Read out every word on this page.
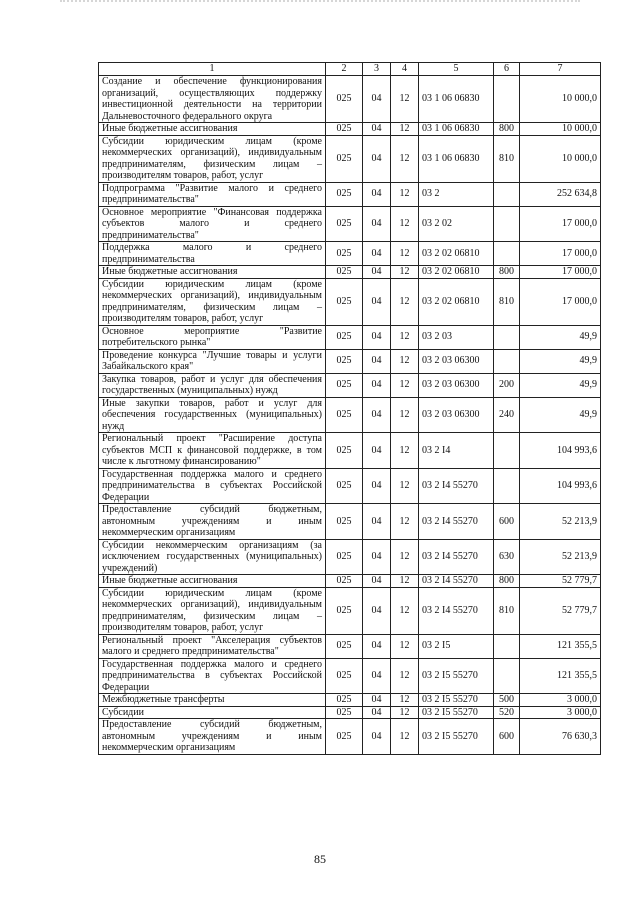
1	2	3	4	5	6	7
Создание и обеспечение функционирования организаций, осуществляющих поддержку инвестиционной деятельности на территории Дальневосточного федерального округа	025	04	12	03 1 06 06830		10 000,0
Иные бюджетные ассигнования	025	04	12	03 1 06 06830	800	10 000,0
Субсидии юридическим лицам (кроме некоммерческих организаций), индивидуальным предпринимателям, физическим лицам – производителям товаров, работ, услуг	025	04	12	03 1 06 06830	810	10 000,0
Подпрограмма "Развитие малого и среднего предпринимательства"	025	04	12	03 2		252 634,8
Основное мероприятие "Финансовая поддержка субъектов малого и среднего предпринимательства"	025	04	12	03 2 02		17 000,0
Поддержка малого и среднего предпринимательства	025	04	12	03 2 02 06810		17 000,0
Иные бюджетные ассигнования	025	04	12	03 2 02 06810	800	17 000,0
Субсидии юридическим лицам (кроме некоммерческих организаций), индивидуальным предпринимателям, физическим лицам – производителям товаров, работ, услуг	025	04	12	03 2 02 06810	810	17 000,0
Основное мероприятие "Развитие потребительского рынка"	025	04	12	03 2 03		49,9
Проведение конкурса "Лучшие товары и услуги Забайкальского края"	025	04	12	03 2 03 06300		49,9
Закупка товаров, работ и услуг для обеспечения государственных (муниципальных) нужд	025	04	12	03 2 03 06300	200	49,9
Иные закупки товаров, работ и услуг для обеспечения государственных (муниципальных) нужд	025	04	12	03 2 03 06300	240	49,9
Региональный проект "Расширение доступа субъектов МСП к финансовой поддержке, в том числе к льготному финансированию"	025	04	12	03 2 I4		104 993,6
Государственная поддержка малого и среднего предпринимательства в субъектах Российской Федерации	025	04	12	03 2 I4 55270		104 993,6
Предоставление субсидий бюджетным, автономным учреждениям и иным некоммерческим организациям	025	04	12	03 2 I4 55270	600	52 213,9
Субсидии некоммерческим организациям (за исключением государственных (муниципальных) учреждений)	025	04	12	03 2 I4 55270	630	52 213,9
Иные бюджетные ассигнования	025	04	12	03 2 I4 55270	800	52 779,7
Субсидии юридическим лицам (кроме некоммерческих организаций), индивидуальным предпринимателям, физическим лицам – производителям товаров, работ, услуг	025	04	12	03 2 I4 55270	810	52 779,7
Региональный проект "Акселерация субъектов малого и среднего предпринимательства"	025	04	12	03 2 I5		121 355,5
Государственная поддержка малого и среднего предпринимательства в субъектах Российской Федерации	025	04	12	03 2 I5 55270		121 355,5
Межбюджетные трансферты	025	04	12	03 2 I5 55270	500	3 000,0
Субсидии	025	04	12	03 2 I5 55270	520	3 000,0
Предоставление субсидий бюджетным, автономным учреждениям и иным некоммерческим организациям	025	04	12	03 2 I5 55270	600	76 630,3
85
